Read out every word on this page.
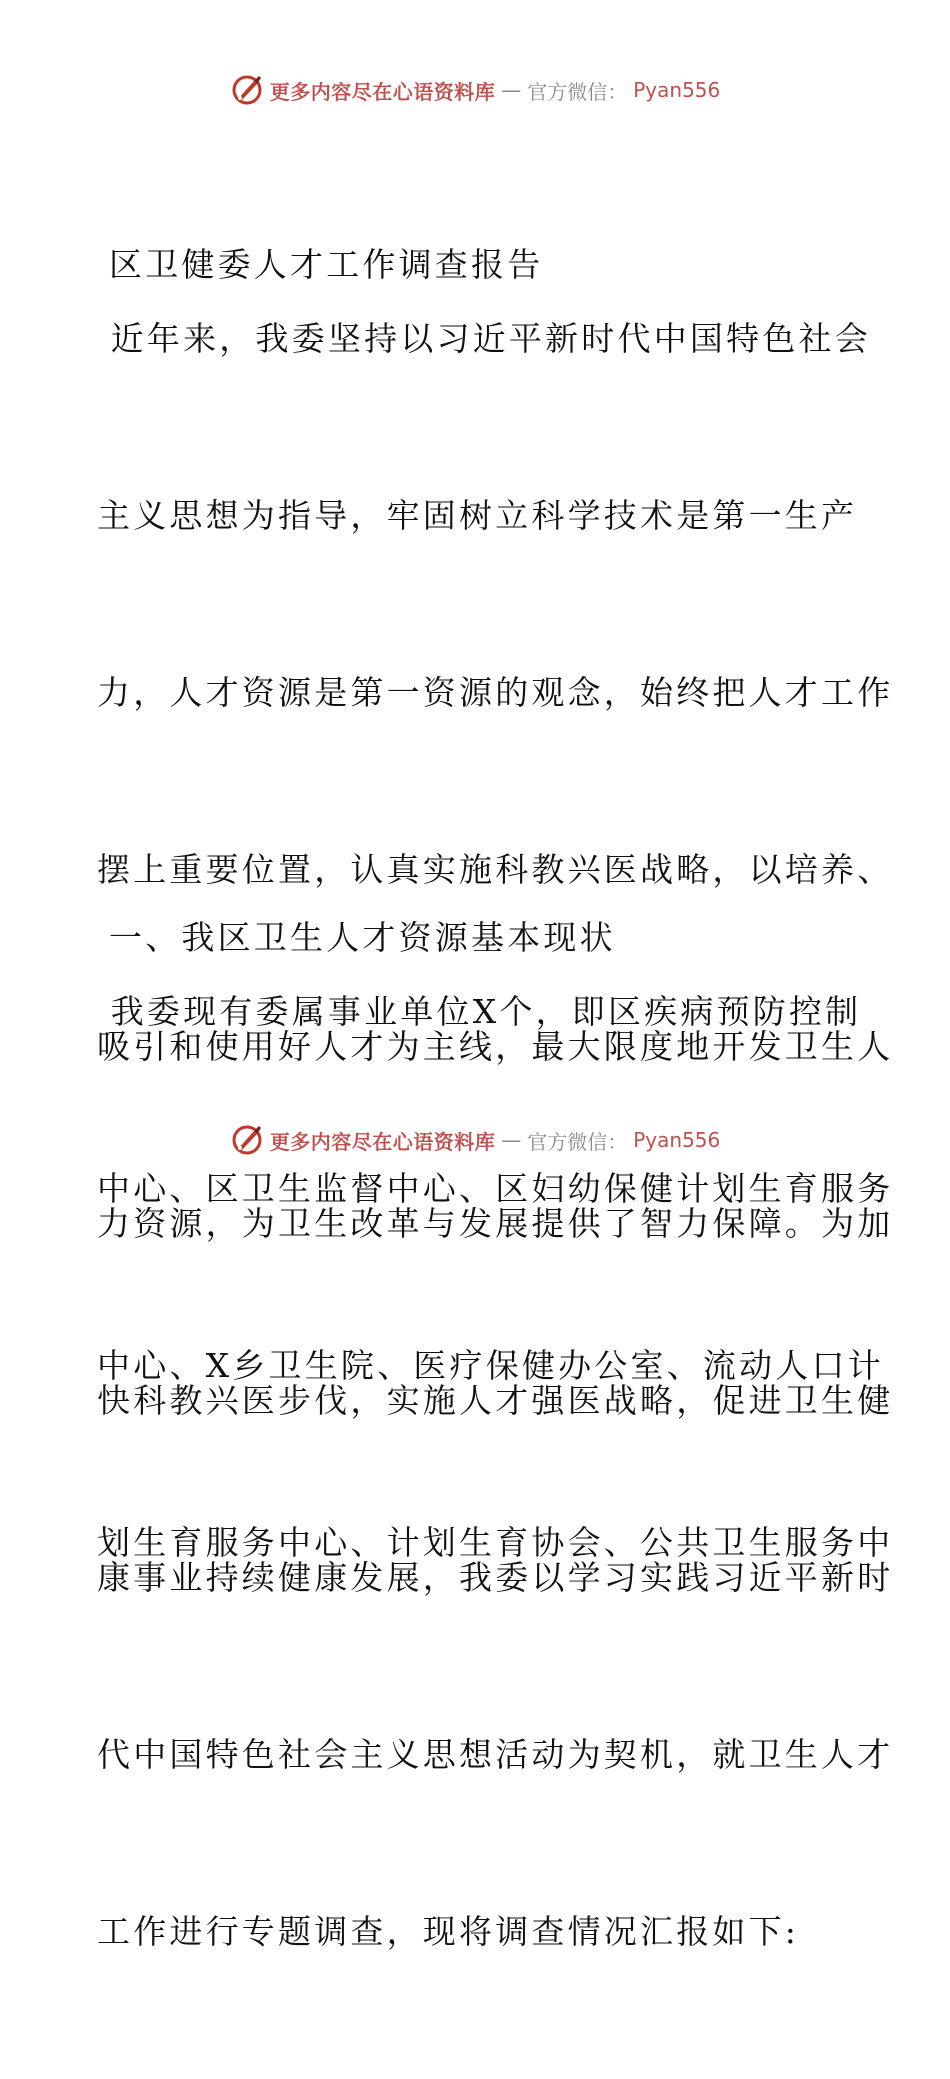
更多内容尽在心语资料库 — 官方微信： Pyan556

区卫健委人才工作调查报告

近年来，我委坚持以习近平新时代中国特色社会

主义思想为指导，牢固树立科学技术是第一生产

力，人才资源是第一资源的观念，始终把人才工作

摆上重要位置，认真实施科教兴医战略，以培养、

吸引和使用好人才为主线，最大限度地开发卫生人

力资源，为卫生改革与发展提供了智力保障。为加

快科教兴医步伐，实施人才强医战略，促进卫生健

康事业持续健康发展，我委以学习实践习近平新时

代中国特色社会主义思想活动为契机，就卫生人才

工作进行专题调查，现将调查情况汇报如下:

一、我区卫生人才资源基本现状

我委现有委属事业单位X个，即区疾病预防控制

中心、区卫生监督中心、区妇幼保健计划生育服务

中心、X乡卫生院、医疗保健办公室、流动人口计

划生育服务中心、计划生育协会、公共卫生服务中

更多内容尽在心语资料库 — 官方微信： Pyan556
